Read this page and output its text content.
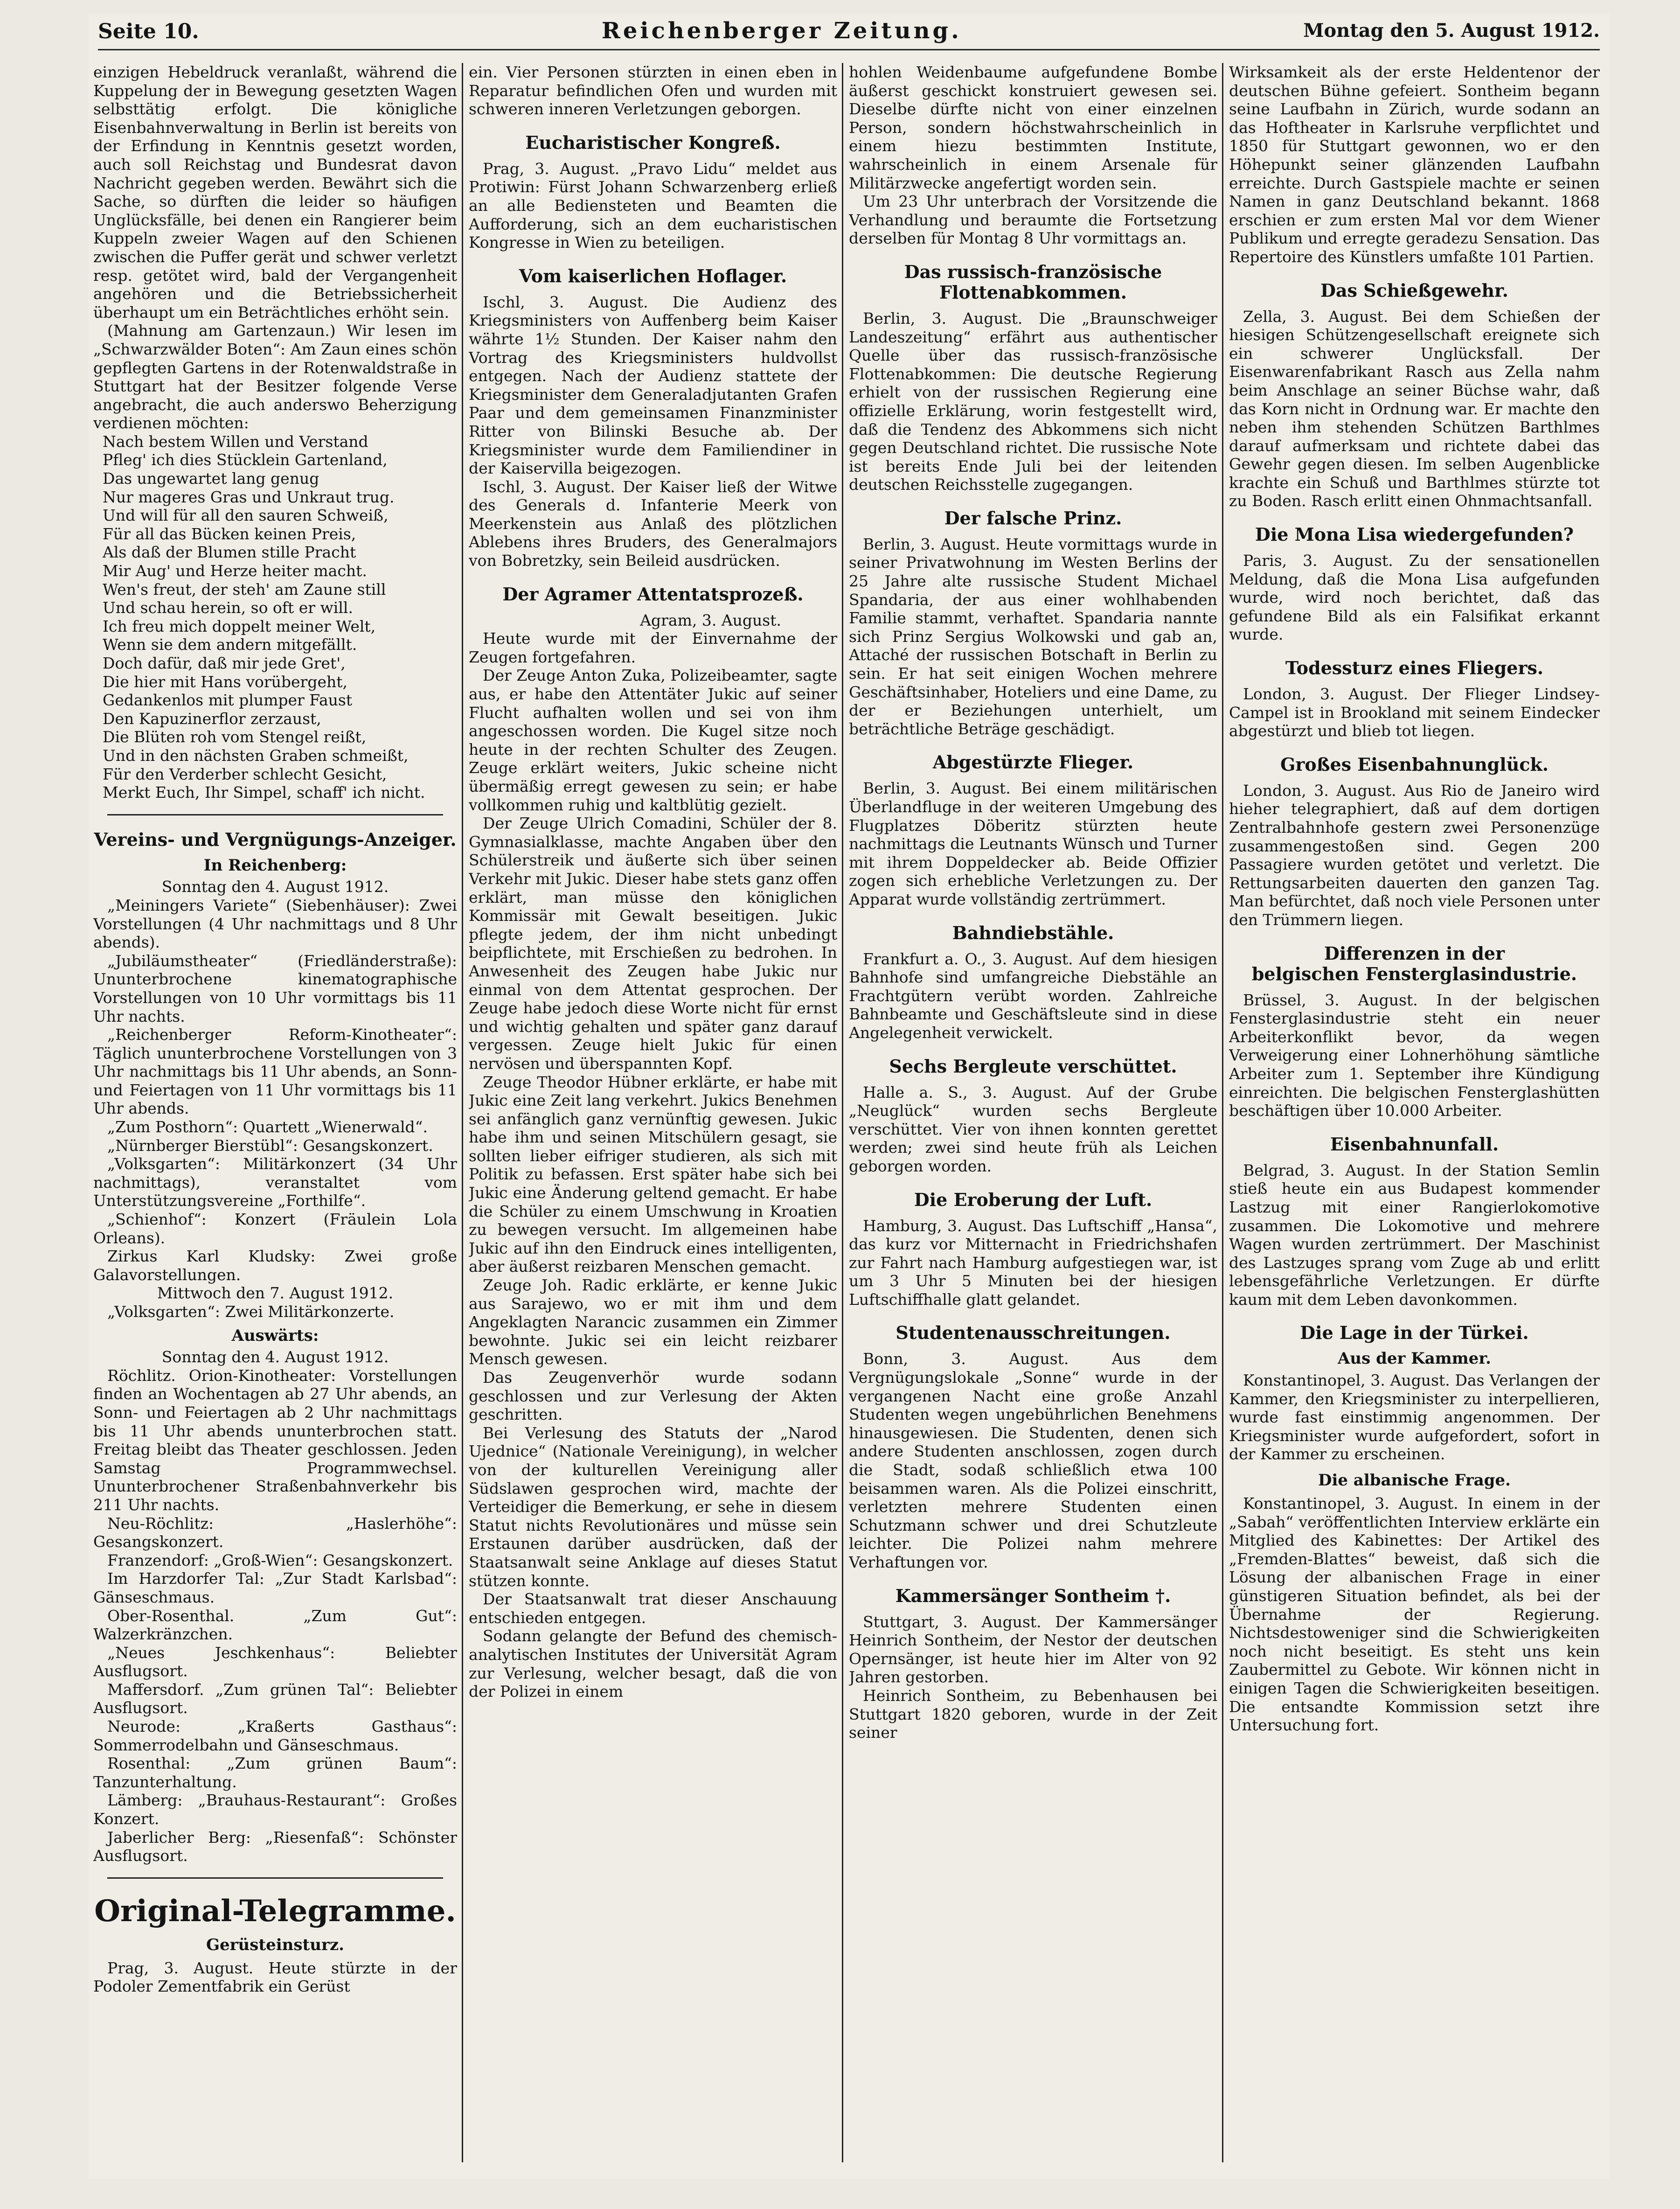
Seite 10.	Reichenberger Zeitung.	Montag den 5. August 1912.

einzigen Hebeldruck veranlaßt, während die Kuppelung der in Bewegung gesetzten Wagen selbsttätig erfolgt. Die königliche Eisenbahnverwaltung in Berlin ist bereits von der Erfindung in Kenntnis gesetzt worden, auch soll Reichstag und Bundesrat davon Nachricht gegeben werden. Bewährt sich die Sache, so dürften die leider so häufigen Unglücksfälle, bei denen ein Rangierer beim Kuppeln zweier Wagen auf den Schienen zwischen die Puffer gerät und schwer verletzt resp. getötet wird, bald der Vergangenheit angehören und die Betriebssicherheit überhaupt um ein Beträchtliches erhöht sein.

(Mahnung am Gartenzaun.) Wir lesen im „Schwarzwälder Boten“: Am Zaun eines schön gepflegten Gartens in der Rotenwaldstraße in Stuttgart hat der Besitzer folgende Verse angebracht, die auch anderswo Beherzigung verdienen möchten:

Nach bestem Willen und Verstand

Pfleg' ich dies Stücklein Gartenland,

Das ungewartet lang genug

Nur mageres Gras und Unkraut trug.

Und will für all den sauren Schweiß,

Für all das Bücken keinen Preis,

Als daß der Blumen stille Pracht

Mir Aug' und Herze heiter macht.

Wen's freut, der steh' am Zaune still

Und schau herein, so oft er will.

Ich freu mich doppelt meiner Welt,

Wenn sie dem andern mitgefällt.

Doch dafür, daß mir jede Gret',

Die hier mit Hans vorübergeht,

Gedankenlos mit plumper Faust

Den Kapuzinerflor zerzaust,

Die Blüten roh vom Stengel reißt,

Und in den nächsten Graben schmeißt,

Für den Verderber schlecht Gesicht,

Merkt Euch, Ihr Simpel, schaff' ich nicht.

Vereins- und Vergnügungs-Anzeiger.
In Reichenberg:

Sonntag den 4. August 1912.

„Meiningers Variete“ (Siebenhäuser): Zwei Vorstellungen (4 Uhr nachmittags und 8 Uhr abends).

„Jubiläumstheater“ (Friedländerstraße): Ununterbrochene kinematographische Vorstellungen von 10 Uhr vormittags bis 11 Uhr nachts.

„Reichenberger Reform-Kinotheater“: Täglich ununterbrochene Vorstellungen von 3 Uhr nachmittags bis 11 Uhr abends, an Sonn- und Feiertagen von 11 Uhr vormittags bis 11 Uhr abends.

„Zum Posthorn“: Quartett „Wienerwald“.

„Nürnberger Bierstübl“: Gesangskonzert.

„Volksgarten“: Militärkonzert (34 Uhr nachmittags), veranstaltet vom Unterstützungsvereine „Forthilfe“.

„Schienhof“: Konzert (Fräulein Lola Orleans).

Zirkus Karl Kludsky: Zwei große Galavorstellungen.

Mittwoch den 7. August 1912.

„Volksgarten“: Zwei Militärkonzerte.

Auswärts:

Sonntag den 4. August 1912.

Röchlitz. Orion-Kinotheater: Vorstellungen finden an Wochentagen ab 27 Uhr abends, an Sonn- und Feiertagen ab 2 Uhr nachmittags bis 11 Uhr abends ununterbrochen statt. Freitag bleibt das Theater geschlossen. Jeden Samstag Programmwechsel. Ununterbrochener Straßenbahnverkehr bis 211 Uhr nachts.

Neu-Röchlitz: „Haslerhöhe“: Gesangskonzert.

Franzendorf: „Groß-Wien“: Gesangskonzert.

Im Harzdorfer Tal: „Zur Stadt Karlsbad“: Gänseschmaus.

Ober-Rosenthal. „Zum Gut“: Walzerkränzchen.

„Neues Jeschkenhaus“: Beliebter Ausflugsort.

Maffersdorf. „Zum grünen Tal“: Beliebter Ausflugsort.

Neurode: „Kraßerts Gasthaus“: Sommerrodelbahn und Gänseschmaus.

Rosenthal: „Zum grünen Baum“: Tanzunterhaltung.

Lämberg: „Brauhaus-Restaurant“: Großes Konzert.

Jaberlicher Berg: „Riesenfaß“: Schönster Ausflugsort.

Original-Telegramme.
Gerüsteinsturz.

Prag, 3. August. Heute stürzte in der Podoler Zementfabrik ein Gerüst

ein. Vier Personen stürzten in einen eben in Reparatur befindlichen Ofen und wurden mit schweren inneren Verletzungen geborgen.

Eucharistischer Kongreß.

Prag, 3. August. „Pravo Lidu“ meldet aus Protiwin: Fürst Johann Schwarzenberg erließ an alle Bediensteten und Beamten die Aufforderung, sich an dem eucharistischen Kongresse in Wien zu beteiligen.

Vom kaiserlichen Hoflager.

Ischl, 3. August. Die Audienz des Kriegsministers von Auffenberg beim Kaiser währte 1½ Stunden. Der Kaiser nahm den Vortrag des Kriegsministers huldvollst entgegen. Nach der Audienz stattete der Kriegsminister dem Generaladjutanten Grafen Paar und dem gemeinsamen Finanzminister Ritter von Bilinski Besuche ab. Der Kriegsminister wurde dem Familiendiner in der Kaiservilla beigezogen.

Ischl, 3. August. Der Kaiser ließ der Witwe des Generals d. Infanterie Meerk von Meerkenstein aus Anlaß des plötzlichen Ablebens ihres Bruders, des Generalmajors von Bobretzky, sein Beileid ausdrücken.

Der Agramer Attentatsprozeß.

Agram, 3. August.

Heute wurde mit der Einvernahme der Zeugen fortgefahren.

Der Zeuge Anton Zuka, Polizeibeamter, sagte aus, er habe den Attentäter Jukic auf seiner Flucht aufhalten wollen und sei von ihm angeschossen worden. Die Kugel sitze noch heute in der rechten Schulter des Zeugen. Zeuge erklärt weiters, Jukic scheine nicht übermäßig erregt gewesen zu sein; er habe vollkommen ruhig und kaltblütig gezielt.

Der Zeuge Ulrich Comadini, Schüler der 8. Gymnasialklasse, machte Angaben über den Schülerstreik und äußerte sich über seinen Verkehr mit Jukic. Dieser habe stets ganz offen erklärt, man müsse den königlichen Kommissär mit Gewalt beseitigen. Jukic pflegte jedem, der ihm nicht unbedingt beipflichtete, mit Erschießen zu bedrohen. In Anwesenheit des Zeugen habe Jukic nur einmal von dem Attentat gesprochen. Der Zeuge habe jedoch diese Worte nicht für ernst und wichtig gehalten und später ganz darauf vergessen. Zeuge hielt Jukic für einen nervösen und überspannten Kopf.

Zeuge Theodor Hübner erklärte, er habe mit Jukic eine Zeit lang verkehrt. Jukics Benehmen sei anfänglich ganz vernünftig gewesen. Jukic habe ihm und seinen Mitschülern gesagt, sie sollten lieber eifriger studieren, als sich mit Politik zu befassen. Erst später habe sich bei Jukic eine Änderung geltend gemacht. Er habe die Schüler zu einem Umschwung in Kroatien zu bewegen versucht. Im allgemeinen habe Jukic auf ihn den Eindruck eines intelligenten, aber äußerst reizbaren Menschen gemacht.

Zeuge Joh. Radic erklärte, er kenne Jukic aus Sarajewo, wo er mit ihm und dem Angeklagten Narancic zusammen ein Zimmer bewohnte. Jukic sei ein leicht reizbarer Mensch gewesen.

Das Zeugenverhör wurde sodann geschlossen und zur Verlesung der Akten geschritten.

Bei Verlesung des Statuts der „Narod Ujednice“ (Nationale Vereinigung), in welcher von der kulturellen Vereinigung aller Südslawen gesprochen wird, machte der Verteidiger die Bemerkung, er sehe in diesem Statut nichts Revolutionäres und müsse sein Erstaunen darüber ausdrücken, daß der Staatsanwalt seine Anklage auf dieses Statut stützen konnte.

Der Staatsanwalt trat dieser Anschauung entschieden entgegen.

Sodann gelangte der Befund des chemisch-analytischen Institutes der Universität Agram zur Verlesung, welcher besagt, daß die von der Polizei in einem

hohlen Weidenbaume aufgefundene Bombe äußerst geschickt konstruiert gewesen sei. Dieselbe dürfte nicht von einer einzelnen Person, sondern höchstwahrscheinlich in einem hiezu bestimmten Institute, wahrscheinlich in einem Arsenale für Militärzwecke angefertigt worden sein.

Um 23 Uhr unterbrach der Vorsitzende die Verhandlung und beraumte die Fortsetzung derselben für Montag 8 Uhr vormittags an.

Das russisch-französische Flottenabkommen.

Berlin, 3. August. Die „Braunschweiger Landeszeitung“ erfährt aus authentischer Quelle über das russisch-französische Flottenabkommen: Die deutsche Regierung erhielt von der russischen Regierung eine offizielle Erklärung, worin festgestellt wird, daß die Tendenz des Abkommens sich nicht gegen Deutschland richtet. Die russische Note ist bereits Ende Juli bei der leitenden deutschen Reichsstelle zugegangen.

Der falsche Prinz.

Berlin, 3. August. Heute vormittags wurde in seiner Privatwohnung im Westen Berlins der 25 Jahre alte russische Student Michael Spandaria, der aus einer wohlhabenden Familie stammt, verhaftet. Spandaria nannte sich Prinz Sergius Wolkowski und gab an, Attaché der russischen Botschaft in Berlin zu sein. Er hat seit einigen Wochen mehrere Geschäftsinhaber, Hoteliers und eine Dame, zu der er Beziehungen unterhielt, um beträchtliche Beträge geschädigt.

Abgestürzte Flieger.

Berlin, 3. August. Bei einem militärischen Überlandfluge in der weiteren Umgebung des Flugplatzes Döberitz stürzten heute nachmittags die Leutnants Wünsch und Turner mit ihrem Doppeldecker ab. Beide Offizier zogen sich erhebliche Verletzungen zu. Der Apparat wurde vollständig zertrümmert.

Bahndiebstähle.

Frankfurt a. O., 3. August. Auf dem hiesigen Bahnhofe sind umfangreiche Diebstähle an Frachtgütern verübt worden. Zahlreiche Bahnbeamte und Geschäftsleute sind in diese Angelegenheit verwickelt.

Sechs Bergleute verschüttet.

Halle a. S., 3. August. Auf der Grube „Neuglück“ wurden sechs Bergleute verschüttet. Vier von ihnen konnten gerettet werden; zwei sind heute früh als Leichen geborgen worden.

Die Eroberung der Luft.

Hamburg, 3. August. Das Luftschiff „Hansa“, das kurz vor Mitternacht in Friedrichshafen zur Fahrt nach Hamburg aufgestiegen war, ist um 3 Uhr 5 Minuten bei der hiesigen Luftschiffhalle glatt gelandet.

Studentenausschreitungen.

Bonn, 3. August. Aus dem Vergnügungslokale „Sonne“ wurde in der vergangenen Nacht eine große Anzahl Studenten wegen ungebührlichen Benehmens hinausgewiesen. Die Studenten, denen sich andere Studenten anschlossen, zogen durch die Stadt, sodaß schließlich etwa 100 beisammen waren. Als die Polizei einschritt, verletzten mehrere Studenten einen Schutzmann schwer und drei Schutzleute leichter. Die Polizei nahm mehrere Verhaftungen vor.

Kammersänger Sontheim †.

Stuttgart, 3. August. Der Kammersänger Heinrich Sontheim, der Nestor der deutschen Opernsänger, ist heute hier im Alter von 92 Jahren gestorben.

Heinrich Sontheim, zu Bebenhausen bei Stuttgart 1820 geboren, wurde in der Zeit seiner

Wirksamkeit als der erste Heldentenor der deutschen Bühne gefeiert. Sontheim begann seine Laufbahn in Zürich, wurde sodann an das Hoftheater in Karlsruhe verpflichtet und 1850 für Stuttgart gewonnen, wo er den Höhepunkt seiner glänzenden Laufbahn erreichte. Durch Gastspiele machte er seinen Namen in ganz Deutschland bekannt. 1868 erschien er zum ersten Mal vor dem Wiener Publikum und erregte geradezu Sensation. Das Repertoire des Künstlers umfaßte 101 Partien.

Das Schießgewehr.

Zella, 3. August. Bei dem Schießen der hiesigen Schützengesellschaft ereignete sich ein schwerer Unglücksfall. Der Eisenwarenfabrikant Rasch aus Zella nahm beim Anschlage an seiner Büchse wahr, daß das Korn nicht in Ordnung war. Er machte den neben ihm stehenden Schützen Barthlmes darauf aufmerksam und richtete dabei das Gewehr gegen diesen. Im selben Augenblicke krachte ein Schuß und Barthlmes stürzte tot zu Boden. Rasch erlitt einen Ohnmachtsanfall.

Die Mona Lisa wiedergefunden?

Paris, 3. August. Zu der sensationellen Meldung, daß die Mona Lisa aufgefunden wurde, wird noch berichtet, daß das gefundene Bild als ein Falsifikat erkannt wurde.

Todessturz eines Fliegers.

London, 3. August. Der Flieger Lindsey-Campel ist in Brookland mit seinem Eindecker abgestürzt und blieb tot liegen.

Großes Eisenbahnunglück.

London, 3. August. Aus Rio de Janeiro wird hieher telegraphiert, daß auf dem dortigen Zentralbahnhofe gestern zwei Personenzüge zusammengestoßen sind. Gegen 200 Passagiere wurden getötet und verletzt. Die Rettungsarbeiten dauerten den ganzen Tag. Man befürchtet, daß noch viele Personen unter den Trümmern liegen.

Differenzen in der
belgischen Fensterglasindustrie.

Brüssel, 3. August. In der belgischen Fensterglasindustrie steht ein neuer Arbeiterkonflikt bevor, da wegen Verweigerung einer Lohnerhöhung sämtliche Arbeiter zum 1. September ihre Kündigung einreichten. Die belgischen Fensterglashütten beschäftigen über 10.000 Arbeiter.

Eisenbahnunfall.

Belgrad, 3. August. In der Station Semlin stieß heute ein aus Budapest kommender Lastzug mit einer Rangierlokomotive zusammen. Die Lokomotive und mehrere Wagen wurden zertrümmert. Der Maschinist des Lastzuges sprang vom Zuge ab und erlitt lebensgefährliche Verletzungen. Er dürfte kaum mit dem Leben davonkommen.

Die Lage in der Türkei.
Aus der Kammer.

Konstantinopel, 3. August. Das Verlangen der Kammer, den Kriegsminister zu interpellieren, wurde fast einstimmig angenommen. Der Kriegsminister wurde aufgefordert, sofort in der Kammer zu erscheinen.

Die albanische Frage.

Konstantinopel, 3. August. In einem in der „Sabah“ veröffentlichten Interview erklärte ein Mitglied des Kabinettes: Der Artikel des „Fremden-Blattes“ beweist, daß sich die Lösung der albanischen Frage in einer günstigeren Situation befindet, als bei der Übernahme der Regierung. Nichtsdestoweniger sind die Schwierigkeiten noch nicht beseitigt. Es steht uns kein Zaubermittel zu Gebote. Wir können nicht in einigen Tagen die Schwierigkeiten beseitigen. Die entsandte Kommission setzt ihre Untersuchung fort.
